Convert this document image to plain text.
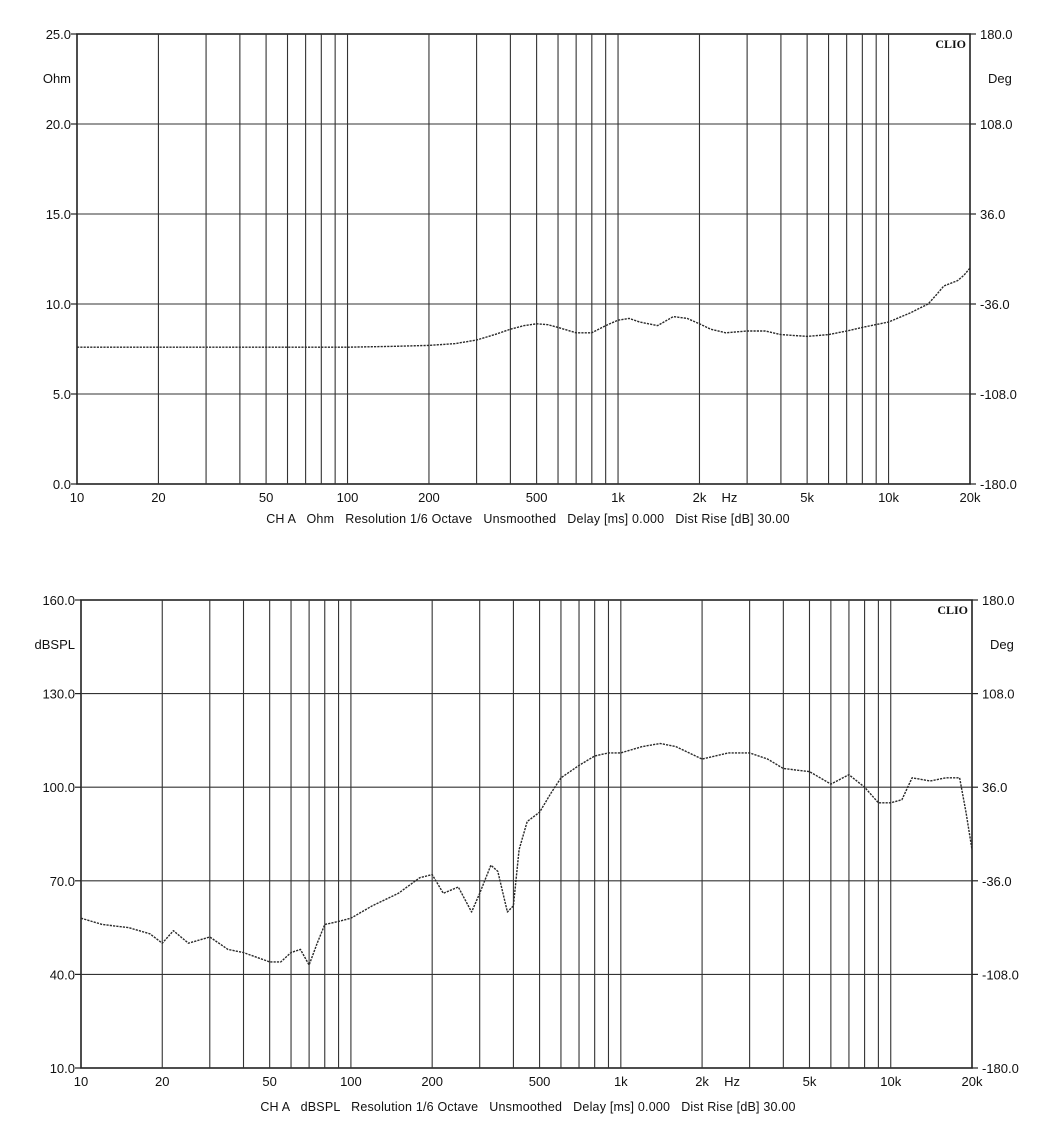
0.0
5.0
10.0
15.0
20.0
25.0
-180.0
-108.0
-36.0
36.0
108.0
180.0
Ohm	Deg
10	20	50	100	200	500	1k	2k	5k	10k	20k
Hz
CLIO
CH A   Ohm   Resolution 1/6 Octave   Unsmoothed   Delay [ms] 0.000   Dist Rise [dB] 30.00
10.0
40.0
70.0
100.0
130.0
160.0
-180.0
-108.0
-36.0
36.0
108.0
180.0
dBSPL	Deg
10	20	50	100	200	500	1k	2k	5k	10k	20k
Hz
CLIO
CH A   dBSPL   Resolution 1/6 Octave   Unsmoothed   Delay [ms] 0.000   Dist Rise [dB] 30.00
